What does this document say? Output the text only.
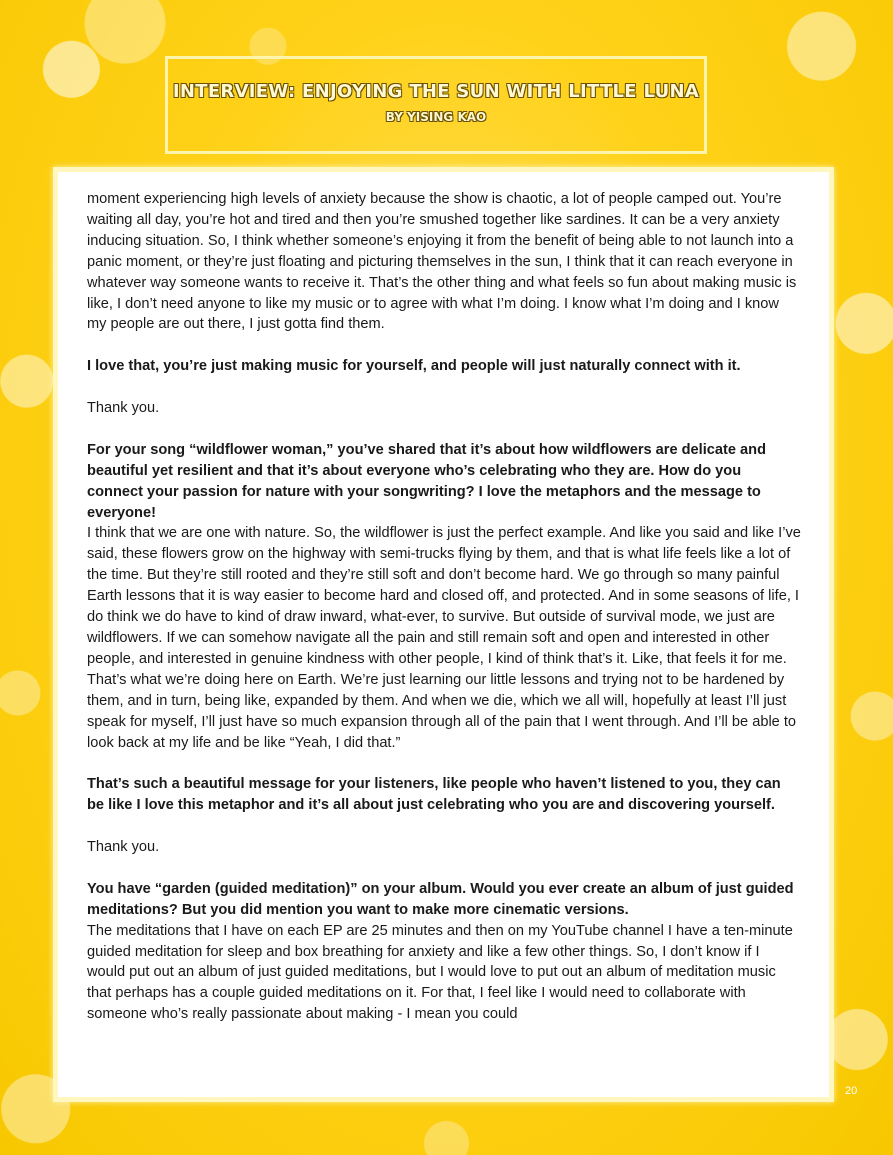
INTERVIEW: ENJOYING THE SUN WITH LITTLE LUNA
BY YISING KAO

moment experiencing high levels of anxiety because the show is chaotic, a lot of people camped out. You’re waiting all day, you’re hot and tired and then you’re smushed together like sardines. It can be a very anxiety inducing situation. So, I think whether someone’s enjoying it from the benefit of being able to not launch into a panic moment, or they’re just floating and picturing themselves in the sun, I think that it can reach everyone in whatever way someone wants to receive it. That’s the other thing and what feels so fun about making music is like, I don’t need anyone to like my music or to agree with what I’m doing. I know what I’m doing and I know my people are out there, I just gotta find them.

I love that, you’re just making music for yourself, and people will just naturally connect with it.

Thank you.

For your song “wildflower woman,” you’ve shared that it’s about how wildflowers are delicate and beautiful yet resilient and that it’s about everyone who’s celebrating who they are. How do you connect your passion for nature with your songwriting? I love the metaphors and the message to everyone!

I think that we are one with nature. So, the wildflower is just the perfect example. And like you said and like I’ve said, these flowers grow on the highway with semi-trucks flying by them, and that is what life feels like a lot of the time. But they’re still rooted and they’re still soft and don’t become hard. We go through so many painful Earth lessons that it is way easier to become hard and closed off, and protected. And in some seasons of life, I do think we do have to kind of draw inward, what-ever, to survive. But outside of survival mode, we just are wildflowers. If we can somehow navigate all the pain and still remain soft and open and interested in other people, and interested in genuine kindness with other people, I kind of think that’s it. Like, that feels it for me. That’s what we’re doing here on Earth. We’re just learning our little lessons and trying not to be hardened by them, and in turn, being like, expanded by them. And when we die, which we all will, hopefully at least I’ll just speak for myself, I’ll just have so much expansion through all of the pain that I went through. And I’ll be able to look back at my life and be like “Yeah, I did that.”

That’s such a beautiful message for your listeners, like people who haven’t listened to you, they can be like I love this metaphor and it’s all about just celebrating who you are and discovering yourself.

Thank you.

You have “garden (guided meditation)” on your album. Would you ever create an album of just guided meditations? But you did mention you want to make more cinematic versions.

The meditations that I have on each EP are 25 minutes and then on my YouTube channel I have a ten-minute guided meditation for sleep and box breathing for anxiety and like a few other things. So, I don’t know if I would put out an album of just guided meditations, but I would love to put out an album of meditation music that perhaps has a couple guided meditations on it. For that, I feel like I would need to collaborate with someone who’s really passionate about making - I mean you could

20
